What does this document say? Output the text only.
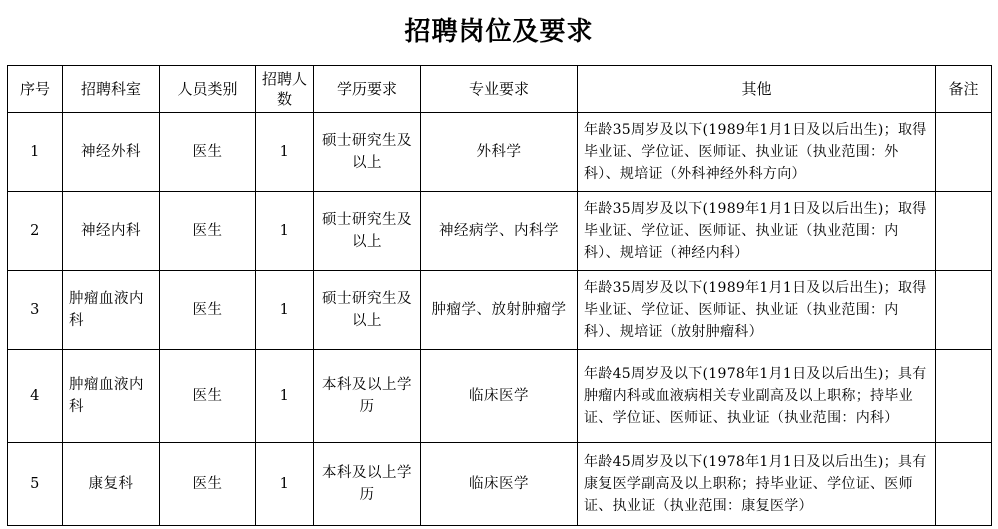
招聘岗位及要求
序号	招聘科室	人员类别	招聘人数	学历要求	专业要求	其他	备注
1	神经外科	医生	1	硕士研究生及以上	外科学	年龄35周岁及以下(1989年1月1日及以后出生)；取得毕业证、学位证、医师证、执业证（执业范围：外科）、规培证（外科神经外科方向）	
2	神经内科	医生	1	硕士研究生及以上	神经病学、内科学	年龄35周岁及以下(1989年1月1日及以后出生)；取得毕业证、学位证、医师证、执业证（执业范围：内科）、规培证（神经内科）	
3	肿瘤血液内科	医生	1	硕士研究生及以上	肿瘤学、放射肿瘤学	年龄35周岁及以下(1989年1月1日及以后出生)；取得毕业证、学位证、医师证、执业证（执业范围：内科）、规培证（放射肿瘤科）	
4	肿瘤血液内科	医生	1	本科及以上学历	临床医学	年龄45周岁及以下(1978年1月1日及以后出生)；具有肿瘤内科或血液病相关专业副高及以上职称；持毕业证、学位证、医师证、执业证（执业范围：内科）	
5	康复科	医生	1	本科及以上学历	临床医学	年龄45周岁及以下(1978年1月1日及以后出生)；具有康复医学副高及以上职称；持毕业证、学位证、医师证、执业证（执业范围：康复医学）	
